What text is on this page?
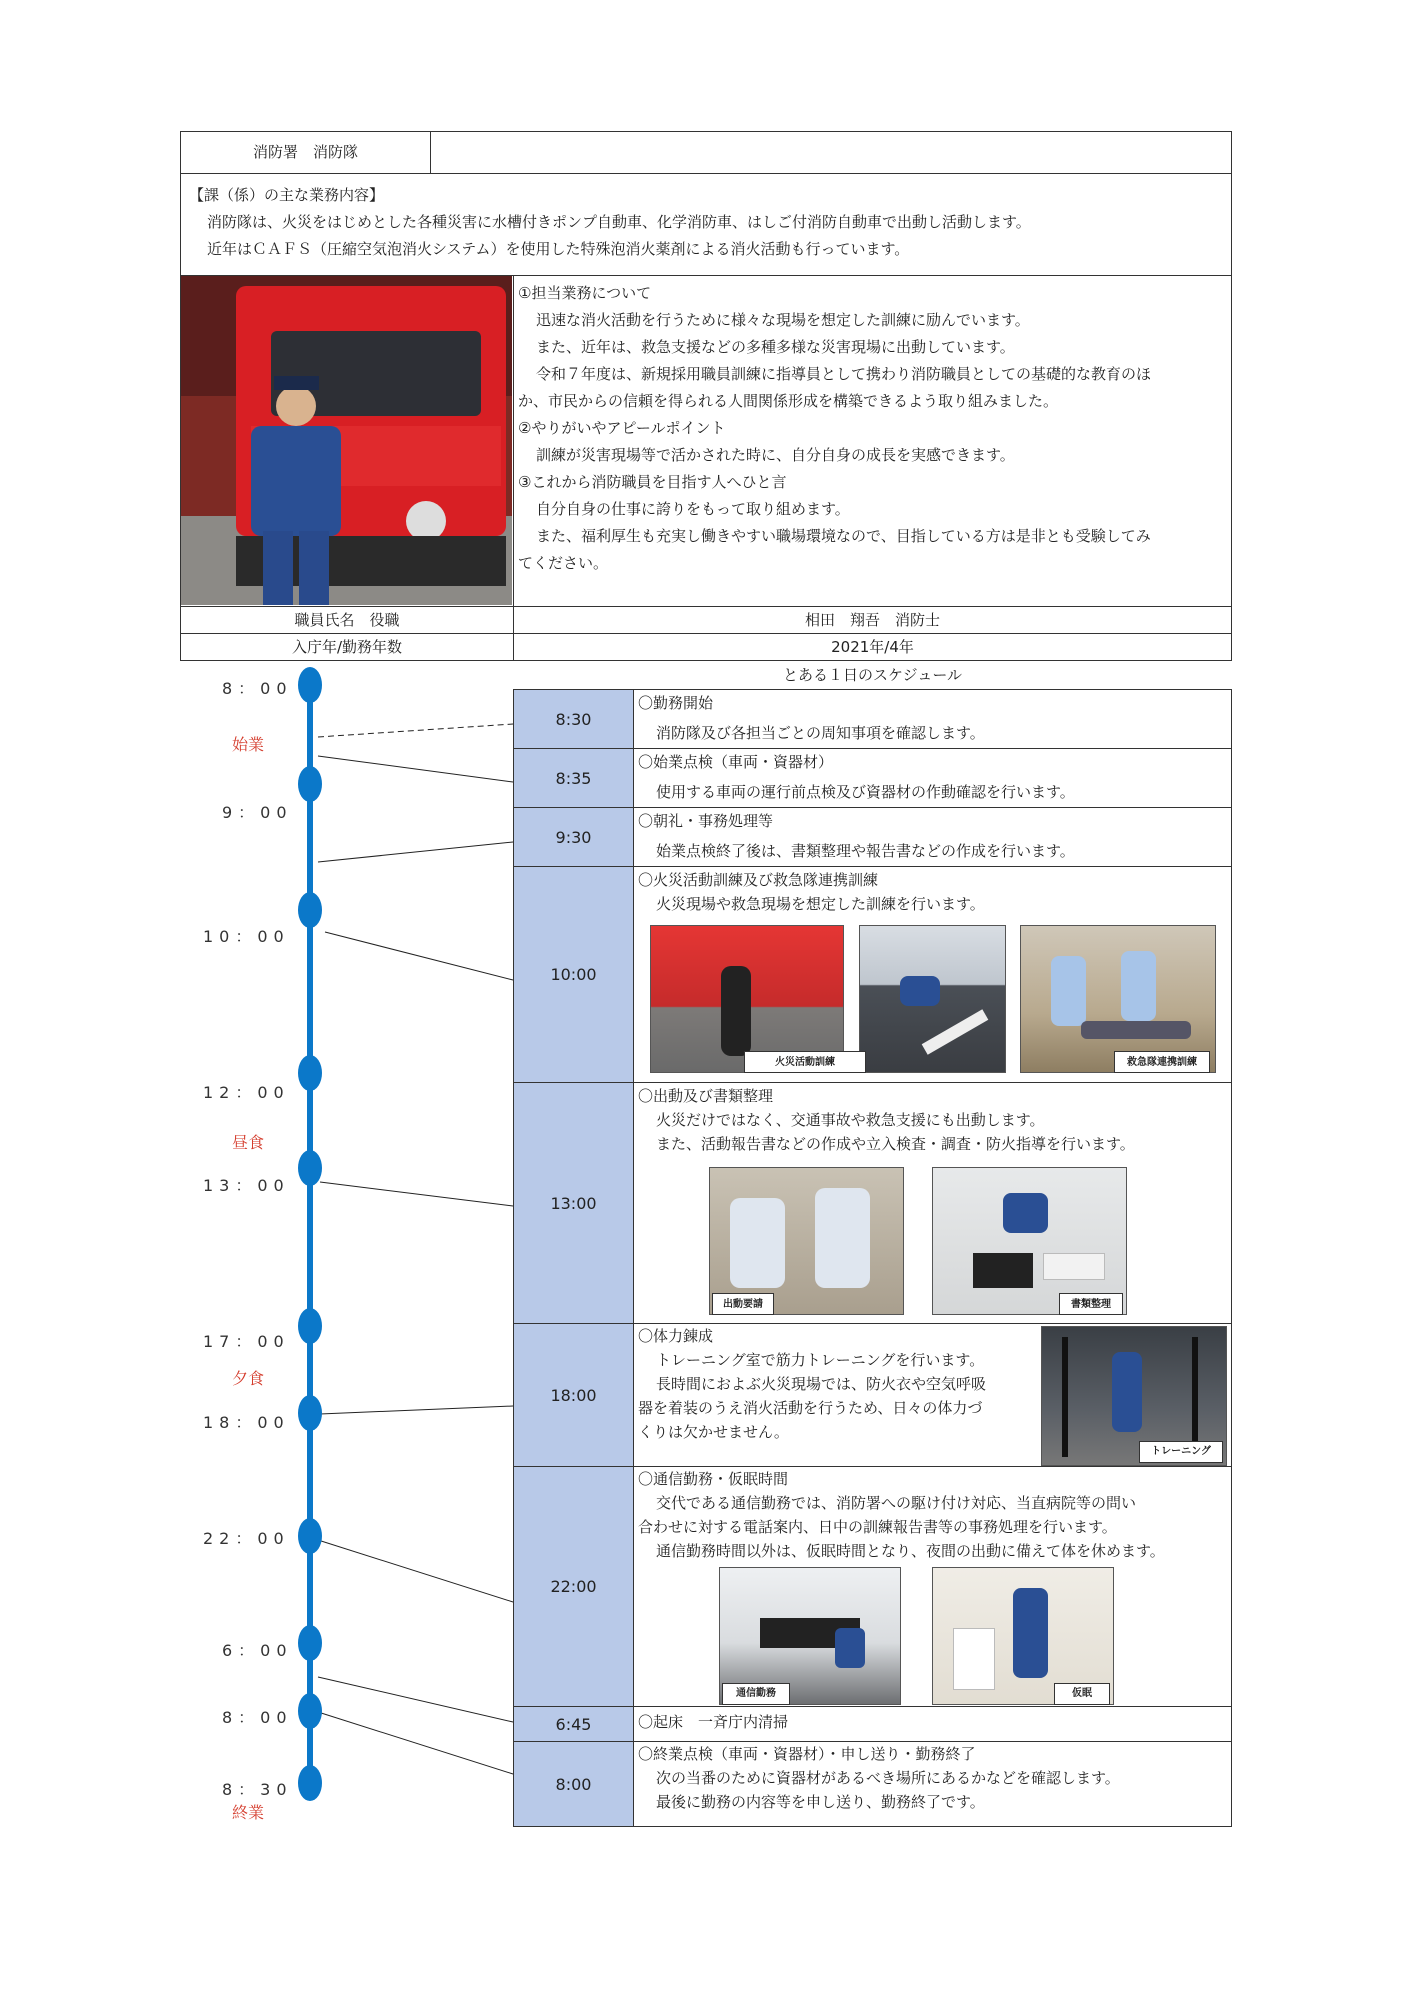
消防署　消防隊
【課（係）の主な業務内容】
消防隊は、火災をはじめとした各種災害に水槽付きポンプ自動車、化学消防車、はしご付消防自動車で出動し活動します。
近年はＣＡＦＳ（圧縮空気泡消火システム）を使用した特殊泡消火薬剤による消火活動も行っています。
①担当業務について
迅速な消火活動を行うために様々な現場を想定した訓練に励んでいます。
また、近年は、救急支援などの多種多様な災害現場に出動しています。
令和７年度は、新規採用職員訓練に指導員として携わり消防職員としての基礎的な教育のほ
か、市民からの信頼を得られる人間関係形成を構築できるよう取り組みました。
②やりがいやアピールポイント
訓練が災害現場等で活かされた時に、自分自身の成長を実感できます。
③これから消防職員を目指す人へひと言
自分自身の仕事に誇りをもって取り組めます。
また、福利厚生も充実し働きやすい職場環境なので、目指している方は是非とも受験してみ
てください。
職員氏名　役職	相田　翔吾　消防士
入庁年/勤務年数	2021年/4年
とある１日のスケジュール
8：00
9：00
10：00
12：00
13：00
17：00
18：00
22：00
6：00
8：00
8：30
始業
昼食
夕食
終業
8:30
〇勤務開始
消防隊及び各担当ごとの周知事項を確認します。
8:35
〇始業点検（車両・資器材）
使用する車両の運行前点検及び資器材の作動確認を行います。
9:30
〇朝礼・事務処理等
始業点検終了後は、書類整理や報告書などの作成を行います。
10:00
〇火災活動訓練及び救急隊連携訓練
火災現場や救急現場を想定した訓練を行います。
火災活動訓練	救急隊連携訓練
13:00
〇出動及び書類整理
火災だけではなく、交通事故や救急支援にも出動します。
また、活動報告書などの作成や立入検査・調査・防火指導を行います。
出動要請	書類整理
18:00
〇体力錬成
トレーニング室で筋力トレーニングを行います。
長時間におよぶ火災現場では、防火衣や空気呼吸
器を着装のうえ消火活動を行うため、日々の体力づ
くりは欠かせません。
トレーニング
22:00
〇通信勤務・仮眠時間
交代である通信勤務では、消防署への駆け付け対応、当直病院等の問い
合わせに対する電話案内、日中の訓練報告書等の事務処理を行います。
通信勤務時間以外は、仮眠時間となり、夜間の出動に備えて体を休めます。
通信勤務	仮眠
6:45	〇起床　一斉庁内清掃
8:00
〇終業点検（車両・資器材）・申し送り・勤務終了
次の当番のために資器材があるべき場所にあるかなどを確認します。
最後に勤務の内容等を申し送り、勤務終了です。
